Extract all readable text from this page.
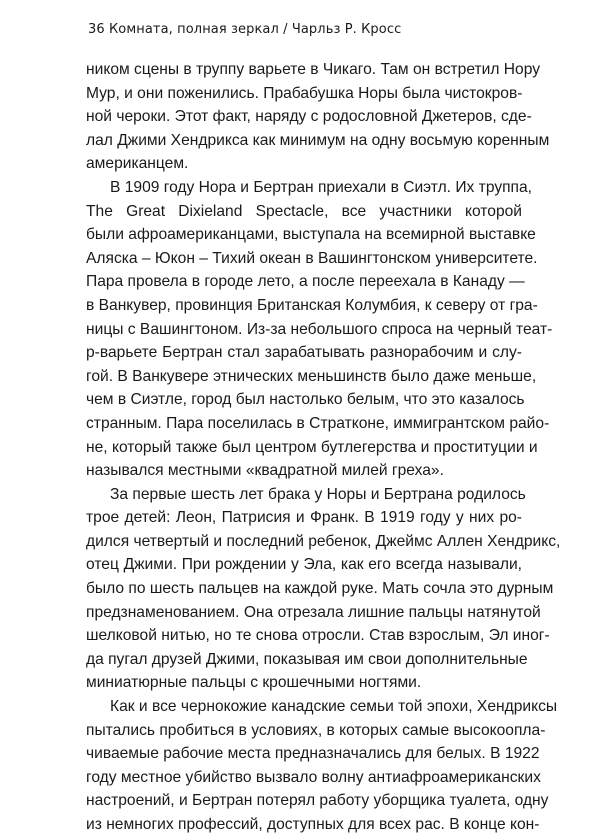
36 Комната, полная зеркал / Чарльз Р. Кросс

ником сцены в труппу варьете в Чикаго. Там он встретил Нору
Мур, и они поженились. Прабабушка Норы была чистокров-
ной чероки. Этот факт, наряду с родословной Джетеров, сде-
лал Джими Хендрикса как минимум на одну восьмую коренным
американцем.

В 1909 году Нора и Бертран приехали в Сиэтл. Их труппа,
The Great Dixieland Spectacle, все участники которой
были афроамериканцами, выступала на всемирной выставке
Аляска – Юкон – Тихий океан в Вашингтонском университете.
Пара провела в городе лето, а после переехала в Канаду —
в Ванкувер, провинция Британская Колумбия, к северу от гра-
ницы с Вашингтоном. Из-за небольшого спроса на черный теат-
р-варьете Бертран стал зарабатывать разнорабочим и слу-
гой. В Ванкувере этнических меньшинств было даже меньше,
чем в Сиэтле, город был настолько белым, что это казалось
странным. Пара поселилась в Стратконе, иммигрантском райо-
не, который также был центром бутлегерства и проституции и
назывался местными «квадратной милей греха».

За первые шесть лет брака у Норы и Бертрана родилось
трое детей: Леон, Патрисия и Франк. В 1919 году у них ро-
дился четвертый и последний ребенок, Джеймс Аллен Хендрикс,
отец Джими. При рождении у Эла, как его всегда называли,
было по шесть пальцев на каждой руке. Мать сочла это дурным
предзнаменованием. Она отрезала лишние пальцы натянутой
шелковой нитью, но те снова отросли. Став взрослым, Эл иног-
да пугал друзей Джими, показывая им свои дополнительные
миниатюрные пальцы с крошечными ногтями.

Как и все чернокожие канадские семьи той эпохи, Хендриксы
пытались пробиться в условиях, в которых самые высокоопла-
чиваемые рабочие места предназначались для белых. В 1922
году местное убийство вызвало волну антиафроамериканских
настроений, и Бертран потерял работу уборщика туалета, одну
из немногих профессий, доступных для всех рас. В конце кон-
